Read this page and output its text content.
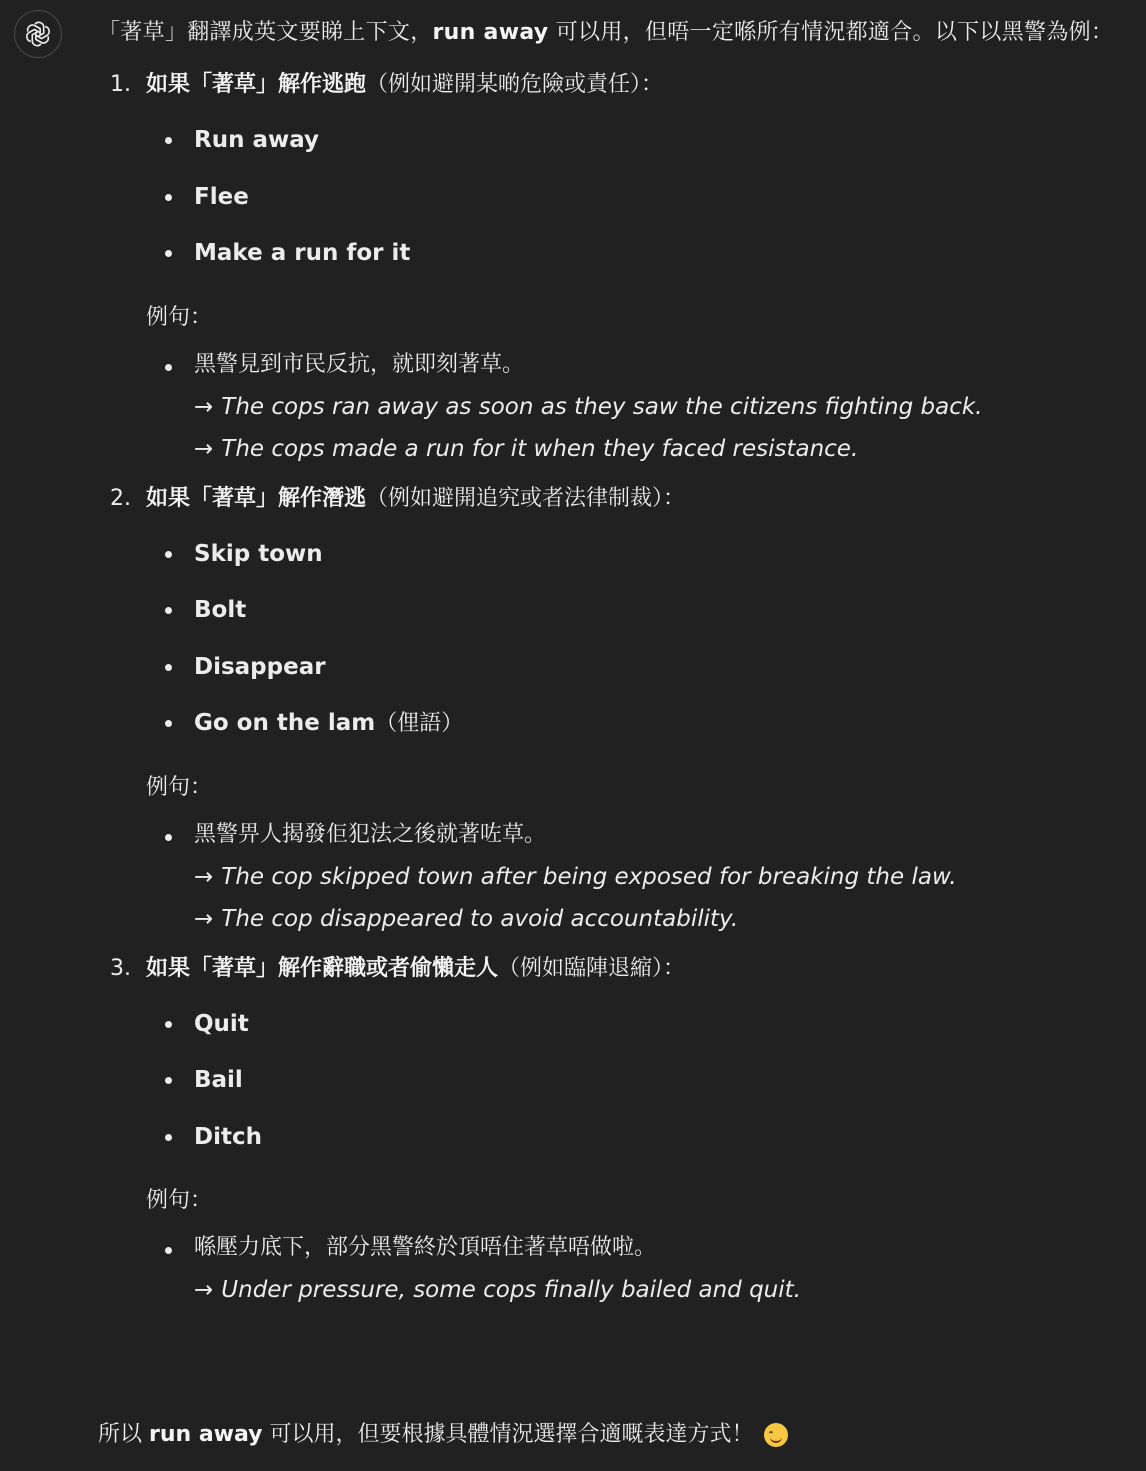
「著草」翻譯成英文要睇上下文，run away 可以用，但唔一定喺所有情況都適合。以下以黑警為例：

1. 如果「著草」解作逃跑（例如避開某啲危險或責任）：
Run away
Flee
Make a run for it
例句：
黑警見到市民反抗，就即刻著草。
→ The cops ran away as soon as they saw the citizens fighting back.
→ The cops made a run for it when they faced resistance.
2. 如果「著草」解作潛逃（例如避開追究或者法律制裁）：
Skip town
Bolt
Disappear
Go on the lam（俚語）
例句：
黑警畀人揭發佢犯法之後就著咗草。
→ The cop skipped town after being exposed for breaking the law.
→ The cop disappeared to avoid accountability.
3. 如果「著草」解作辭職或者偷懶走人（例如臨陣退縮）：
Quit
Bail
Ditch
例句：
喺壓力底下，部分黑警終於頂唔住著草唔做啦。
→ Under pressure, some cops finally bailed and quit.

所以 run away 可以用，但要根據具體情況選擇合適嘅表達方式！
